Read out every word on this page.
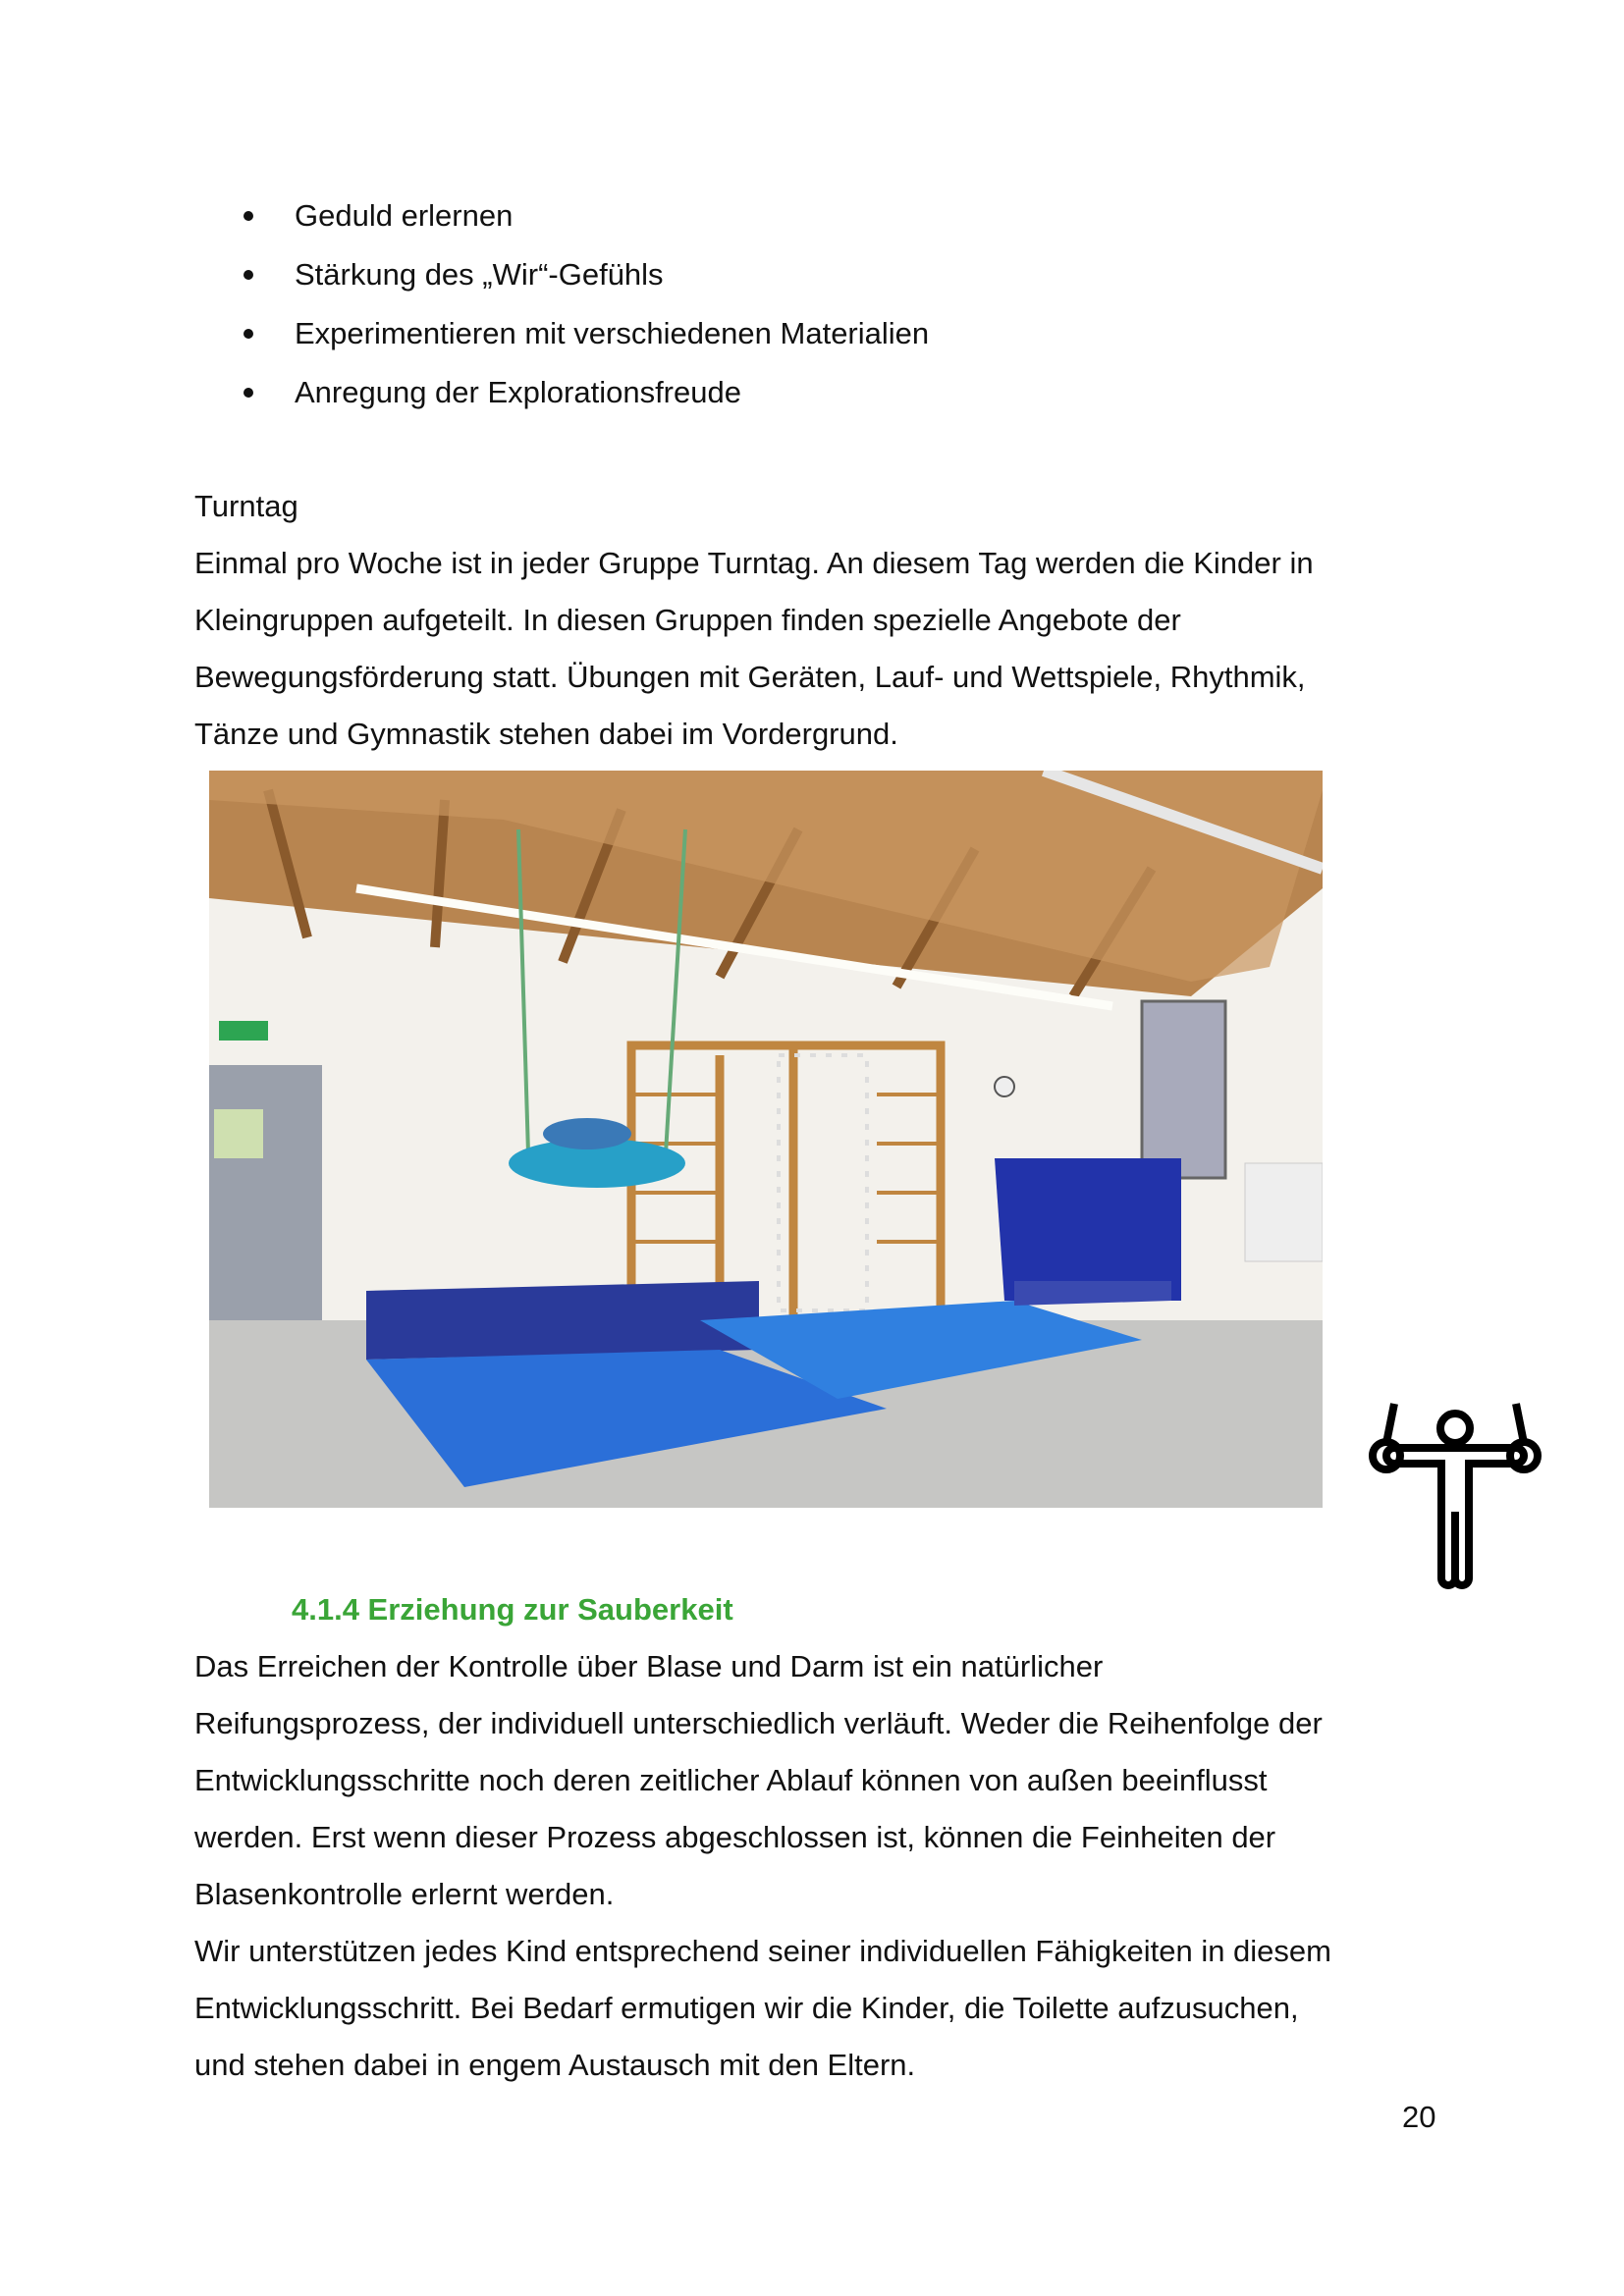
Geduld erlernen
Stärkung des „Wir“-Gefühls
Experimentieren mit verschiedenen Materialien
Anregung der Explorationsfreude
Turntag
Einmal pro Woche ist in jeder Gruppe Turntag. An diesem Tag werden die Kinder in
Kleingruppen aufgeteilt. In diesen Gruppen finden spezielle Angebote der
Bewegungsförderung statt. Übungen mit Geräten, Lauf- und Wettspiele, Rhythmik,
Tänze und Gymnastik stehen dabei im Vordergrund.
4.1.4 Erziehung zur Sauberkeit
Das Erreichen der Kontrolle über Blase und Darm ist ein natürlicher
Reifungsprozess, der individuell unterschiedlich verläuft. Weder die Reihenfolge der
Entwicklungsschritte noch deren zeitlicher Ablauf können von außen beeinflusst
werden. Erst wenn dieser Prozess abgeschlossen ist, können die Feinheiten der
Blasenkontrolle erlernt werden.
Wir unterstützen jedes Kind entsprechend seiner individuellen Fähigkeiten in diesem
Entwicklungsschritt. Bei Bedarf ermutigen wir die Kinder, die Toilette aufzusuchen,
und stehen dabei in engem Austausch mit den Eltern.
20
